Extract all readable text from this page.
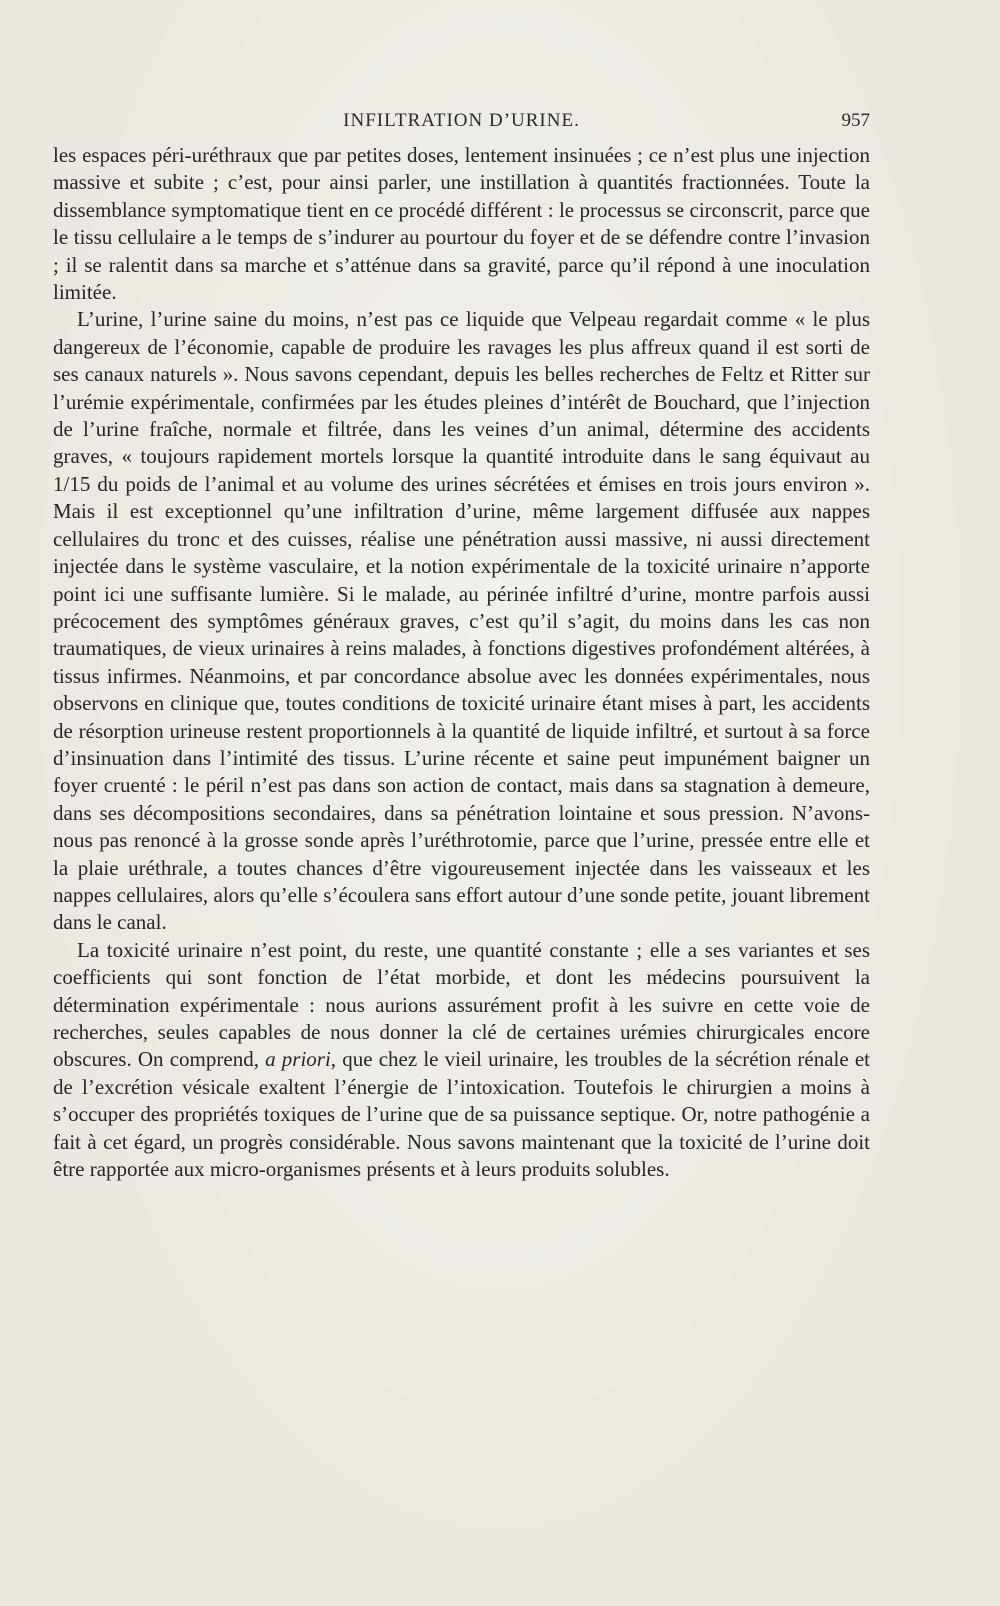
INFILTRATION D’URINE.	957

les espaces péri-uréthraux que par petites doses, lentement insinuées ; ce n’est plus une injection massive et subite ; c’est, pour ainsi parler, une instillation à quantités fractionnées. Toute la dissemblance symptomatique tient en ce procédé différent : le processus se circonscrit, parce que le tissu cellulaire a le temps de s’indurer au pourtour du foyer et de se défendre contre l’invasion ; il se ralentit dans sa marche et s’atténue dans sa gravité, parce qu’il répond à une inoculation limitée.

L’urine, l’urine saine du moins, n’est pas ce liquide que Velpeau regardait comme « le plus dangereux de l’économie, capable de produire les ravages les plus affreux quand il est sorti de ses canaux naturels ». Nous savons cependant, depuis les belles recherches de Feltz et Ritter sur l’urémie expérimentale, confirmées par les études pleines d’intérêt de Bouchard, que l’injection de l’urine fraîche, normale et filtrée, dans les veines d’un animal, détermine des accidents graves, « toujours rapidement mortels lorsque la quantité introduite dans le sang équivaut au 1/15 du poids de l’animal et au volume des urines sécrétées et émises en trois jours environ ». Mais il est exceptionnel qu’une infiltration d’urine, même largement diffusée aux nappes cellulaires du tronc et des cuisses, réalise une pénétration aussi massive, ni aussi directement injectée dans le système vasculaire, et la notion expérimentale de la toxicité urinaire n’apporte point ici une suffisante lumière. Si le malade, au périnée infiltré d’urine, montre parfois aussi précocement des symptômes généraux graves, c’est qu’il s’agit, du moins dans les cas non traumatiques, de vieux urinaires à reins malades, à fonctions digestives profondément altérées, à tissus infirmes. Néanmoins, et par concordance absolue avec les données expérimentales, nous observons en clinique que, toutes conditions de toxicité urinaire étant mises à part, les accidents de résorption urineuse restent proportionnels à la quantité de liquide infiltré, et surtout à sa force d’insinuation dans l’intimité des tissus. L’urine récente et saine peut impunément baigner un foyer cruenté : le péril n’est pas dans son action de contact, mais dans sa stagnation à demeure, dans ses décompositions secondaires, dans sa pénétration lointaine et sous pression. N’avons-nous pas renoncé à la grosse sonde après l’uréthrotomie, parce que l’urine, pressée entre elle et la plaie uréthrale, a toutes chances d’être vigoureusement injectée dans les vaisseaux et les nappes cellulaires, alors qu’elle s’écoulera sans effort autour d’une sonde petite, jouant librement dans le canal.

La toxicité urinaire n’est point, du reste, une quantité constante ; elle a ses variantes et ses coefficients qui sont fonction de l’état morbide, et dont les médecins poursuivent la détermination expérimentale : nous aurions assurément profit à les suivre en cette voie de recherches, seules capables de nous donner la clé de certaines urémies chirurgicales encore obscures. On comprend, a priori, que chez le vieil urinaire, les troubles de la sécrétion rénale et de l’excrétion vésicale exaltent l’énergie de l’intoxication. Toutefois le chirurgien a moins à s’occuper des propriétés toxiques de l’urine que de sa puissance septique. Or, notre pathogénie a fait à cet égard, un progrès considérable. Nous savons maintenant que la toxicité de l’urine doit être rapportée aux micro-organismes présents et à leurs produits solubles.
